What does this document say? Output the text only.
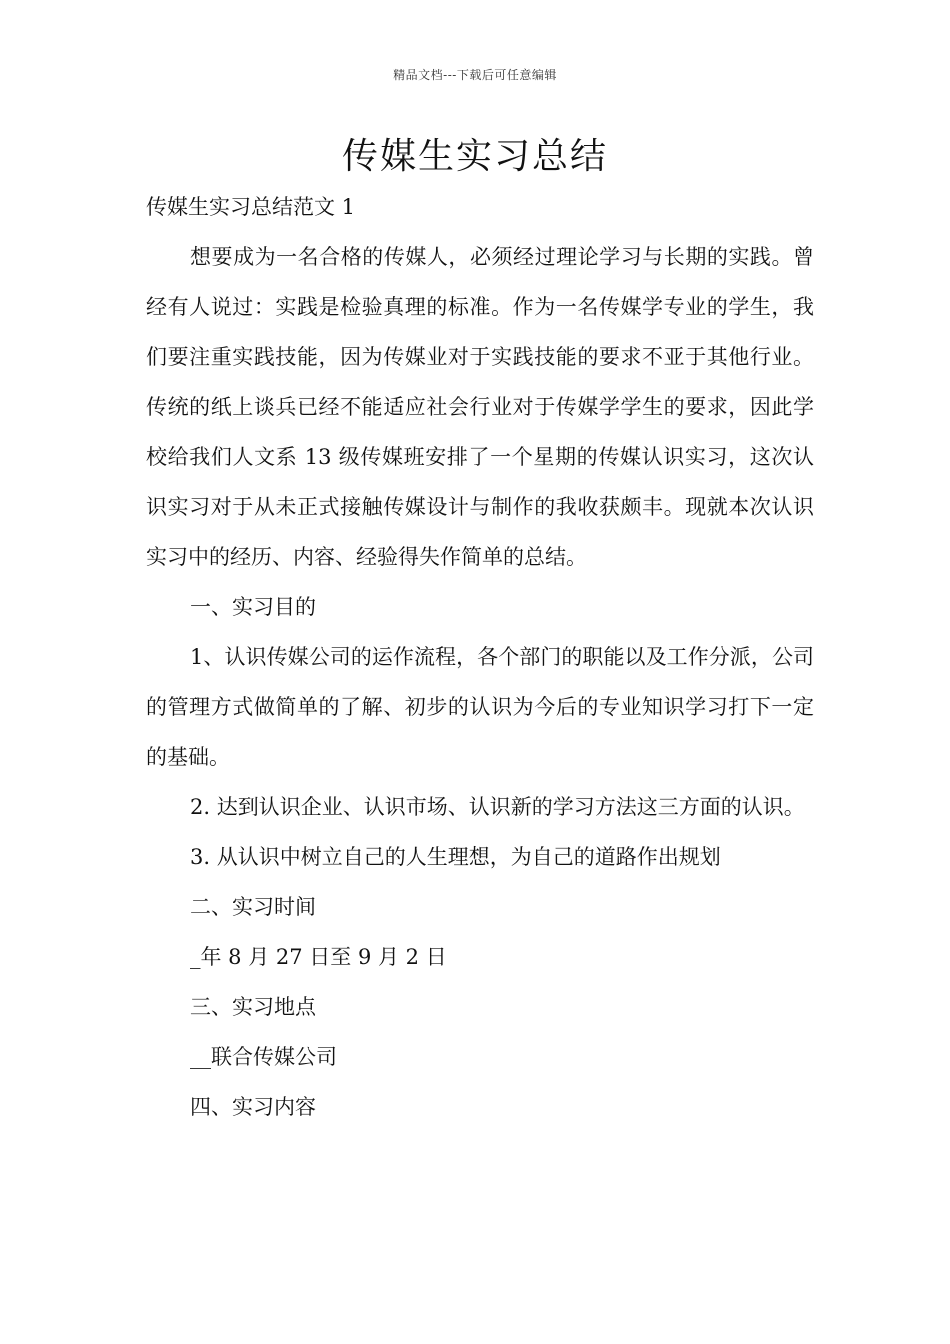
精品文档---下载后可任意编辑
传媒生实习总结

传媒生实习总结范文 1

想要成为一名合格的传媒人，必须经过理论学习与长期的实践。曾经有人说过：实践是检验真理的标准。作为一名传媒学专业的学生，我们要注重实践技能，因为传媒业对于实践技能的要求不亚于其他行业。传统的纸上谈兵已经不能适应社会行业对于传媒学学生的要求，因此学校给我们人文系 13 级传媒班安排了一个星期的传媒认识实习，这次认识实习对于从未正式接触传媒设计与制作的我收获颇丰。现就本次认识实习中的经历、内容、经验得失作简单的总结。

一、实习目的

1、认识传媒公司的运作流程，各个部门的职能以及工作分派，公司的管理方式做简单的了解、初步的认识为今后的专业知识学习打下一定的基础。

2. 达到认识企业、认识市场、认识新的学习方法这三方面的认识。

3. 从认识中树立自己的人生理想，为自己的道路作出规划

二、实习时间

_年 8 月 27 日至 9 月 2 日

三、实习地点

__联合传媒公司

四、实习内容
